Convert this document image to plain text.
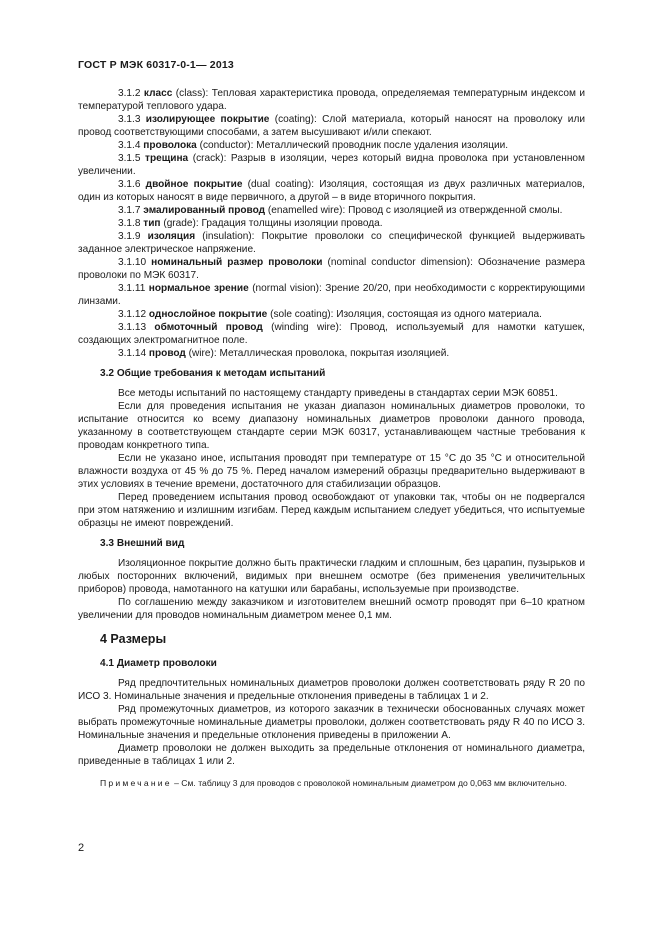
ГОСТ Р МЭК 60317-0-1— 2013

3.1.2 класс (class): Тепловая характеристика провода, определяемая температурным индексом и температурой теплового удара.

3.1.3 изолирующее покрытие (coating): Слой материала, который наносят на проволоку или провод соответствующими способами, а затем высушивают и/или спекают.

3.1.4 проволока (conductor): Металлический проводник после удаления изоляции.

3.1.5 трещина (crack): Разрыв в изоляции, через который видна проволока при установленном увеличении.

3.1.6 двойное покрытие (dual coating): Изоляция, состоящая из двух различных материалов, один из которых наносят в виде первичного, а другой – в виде вторичного покрытия.

3.1.7 эмалированный провод (enamelled wire): Провод с изоляцией из отвержденной смолы.

3.1.8 тип (grade): Градация толщины изоляции провода.

3.1.9 изоляция (insulation): Покрытие проволоки со специфической функцией выдерживать заданное электрическое напряжение.

3.1.10 номинальный размер проволоки (nominal conductor dimension): Обозначение размера проволоки по МЭК 60317.

3.1.11 нормальное зрение (normal vision): Зрение 20/20, при необходимости с корректирующими линзами.

3.1.12 однослойное покрытие (sole coating): Изоляция, состоящая из одного материала.

3.1.13 обмоточный провод (winding wire): Провод, используемый для намотки катушек, создающих электромагнитное поле.

3.1.14 провод (wire): Металлическая проволока, покрытая изоляцией.

3.2 Общие требования к методам испытаний

Все методы испытаний по настоящему стандарту приведены в стандартах серии МЭК 60851.

Если для проведения испытания не указан диапазон номинальных диаметров проволоки, то испытание относится ко всему диапазону номинальных диаметров проволоки данного провода, указанному в соответствующем стандарте серии МЭК 60317, устанавливающем частные требования к проводам конкретного типа.

Если не указано иное, испытания проводят при температуре от 15 °С до 35 °С и относительной влажности воздуха от 45 % до 75 %. Перед началом измерений образцы предварительно выдерживают в этих условиях в течение времени, достаточного для стабилизации образцов.

Перед проведением испытания провод освобождают от упаковки так, чтобы он не подвергался при этом натяжению и излишним изгибам. Перед каждым испытанием следует убедиться, что испытуемые образцы не имеют повреждений.

3.3 Внешний вид

Изоляционное покрытие должно быть практически гладким и сплошным, без царапин, пузырьков и любых посторонних включений, видимых при внешнем осмотре (без применения увеличительных приборов) провода, намотанного на катушки или барабаны, используемые при производстве.

По соглашению между заказчиком и изготовителем внешний осмотр проводят при 6–10 кратном увеличении для проводов номинальным диаметром менее 0,1 мм.

4 Размеры
4.1 Диаметр проволоки

Ряд предпочтительных номинальных диаметров проволоки должен соответствовать ряду R 20 по ИСО 3. Номинальные значения и предельные отклонения приведены в таблицах 1 и 2.

Ряд промежуточных диаметров, из которого заказчик в технически обоснованных случаях может выбрать промежуточные номинальные диаметры проволоки, должен соответствовать ряду R 40 по ИСО 3. Номинальные значения и предельные отклонения приведены в приложении А.

Диаметр проволоки не должен выходить за предельные отклонения от номинального диаметра, приведенные в таблицах 1 или 2.

Примечание – См. таблицу 3 для проводов с проволокой номинальным диаметром до 0,063 мм включительно.

2
